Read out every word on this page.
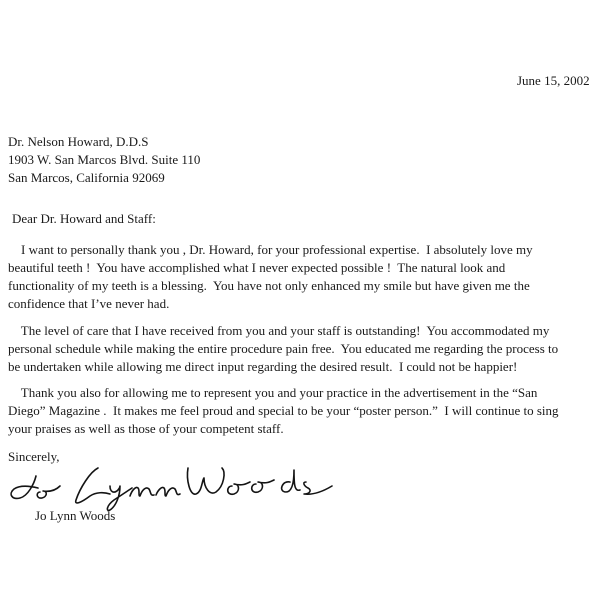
June 15, 2002
Dr. Nelson Howard, D.D.S
1903 W. San Marcos Blvd. Suite 110
San Marcos, California 92069
Dear Dr. Howard and Staff:
I want to personally thank you , Dr. Howard, for your professional expertise.  I absolutely love my
beautiful teeth !  You have accomplished what I never expected possible !  The natural look and
functionality of my teeth is a blessing.  You have not only enhanced my smile but have given me the
confidence that I’ve never had.
The level of care that I have received from you and your staff is outstanding!  You accommodated my
personal schedule while making the entire procedure pain free.  You educated me regarding the process to
be undertaken while allowing me direct input regarding the desired result.  I could not be happier!
Thank you also for allowing me to represent you and your practice in the advertisement in the “San
Diego” Magazine .  It makes me feel proud and special to be your “poster person.”  I will continue to sing
your praises as well as those of your competent staff.
Sincerely,
Jo Lynn Woods
